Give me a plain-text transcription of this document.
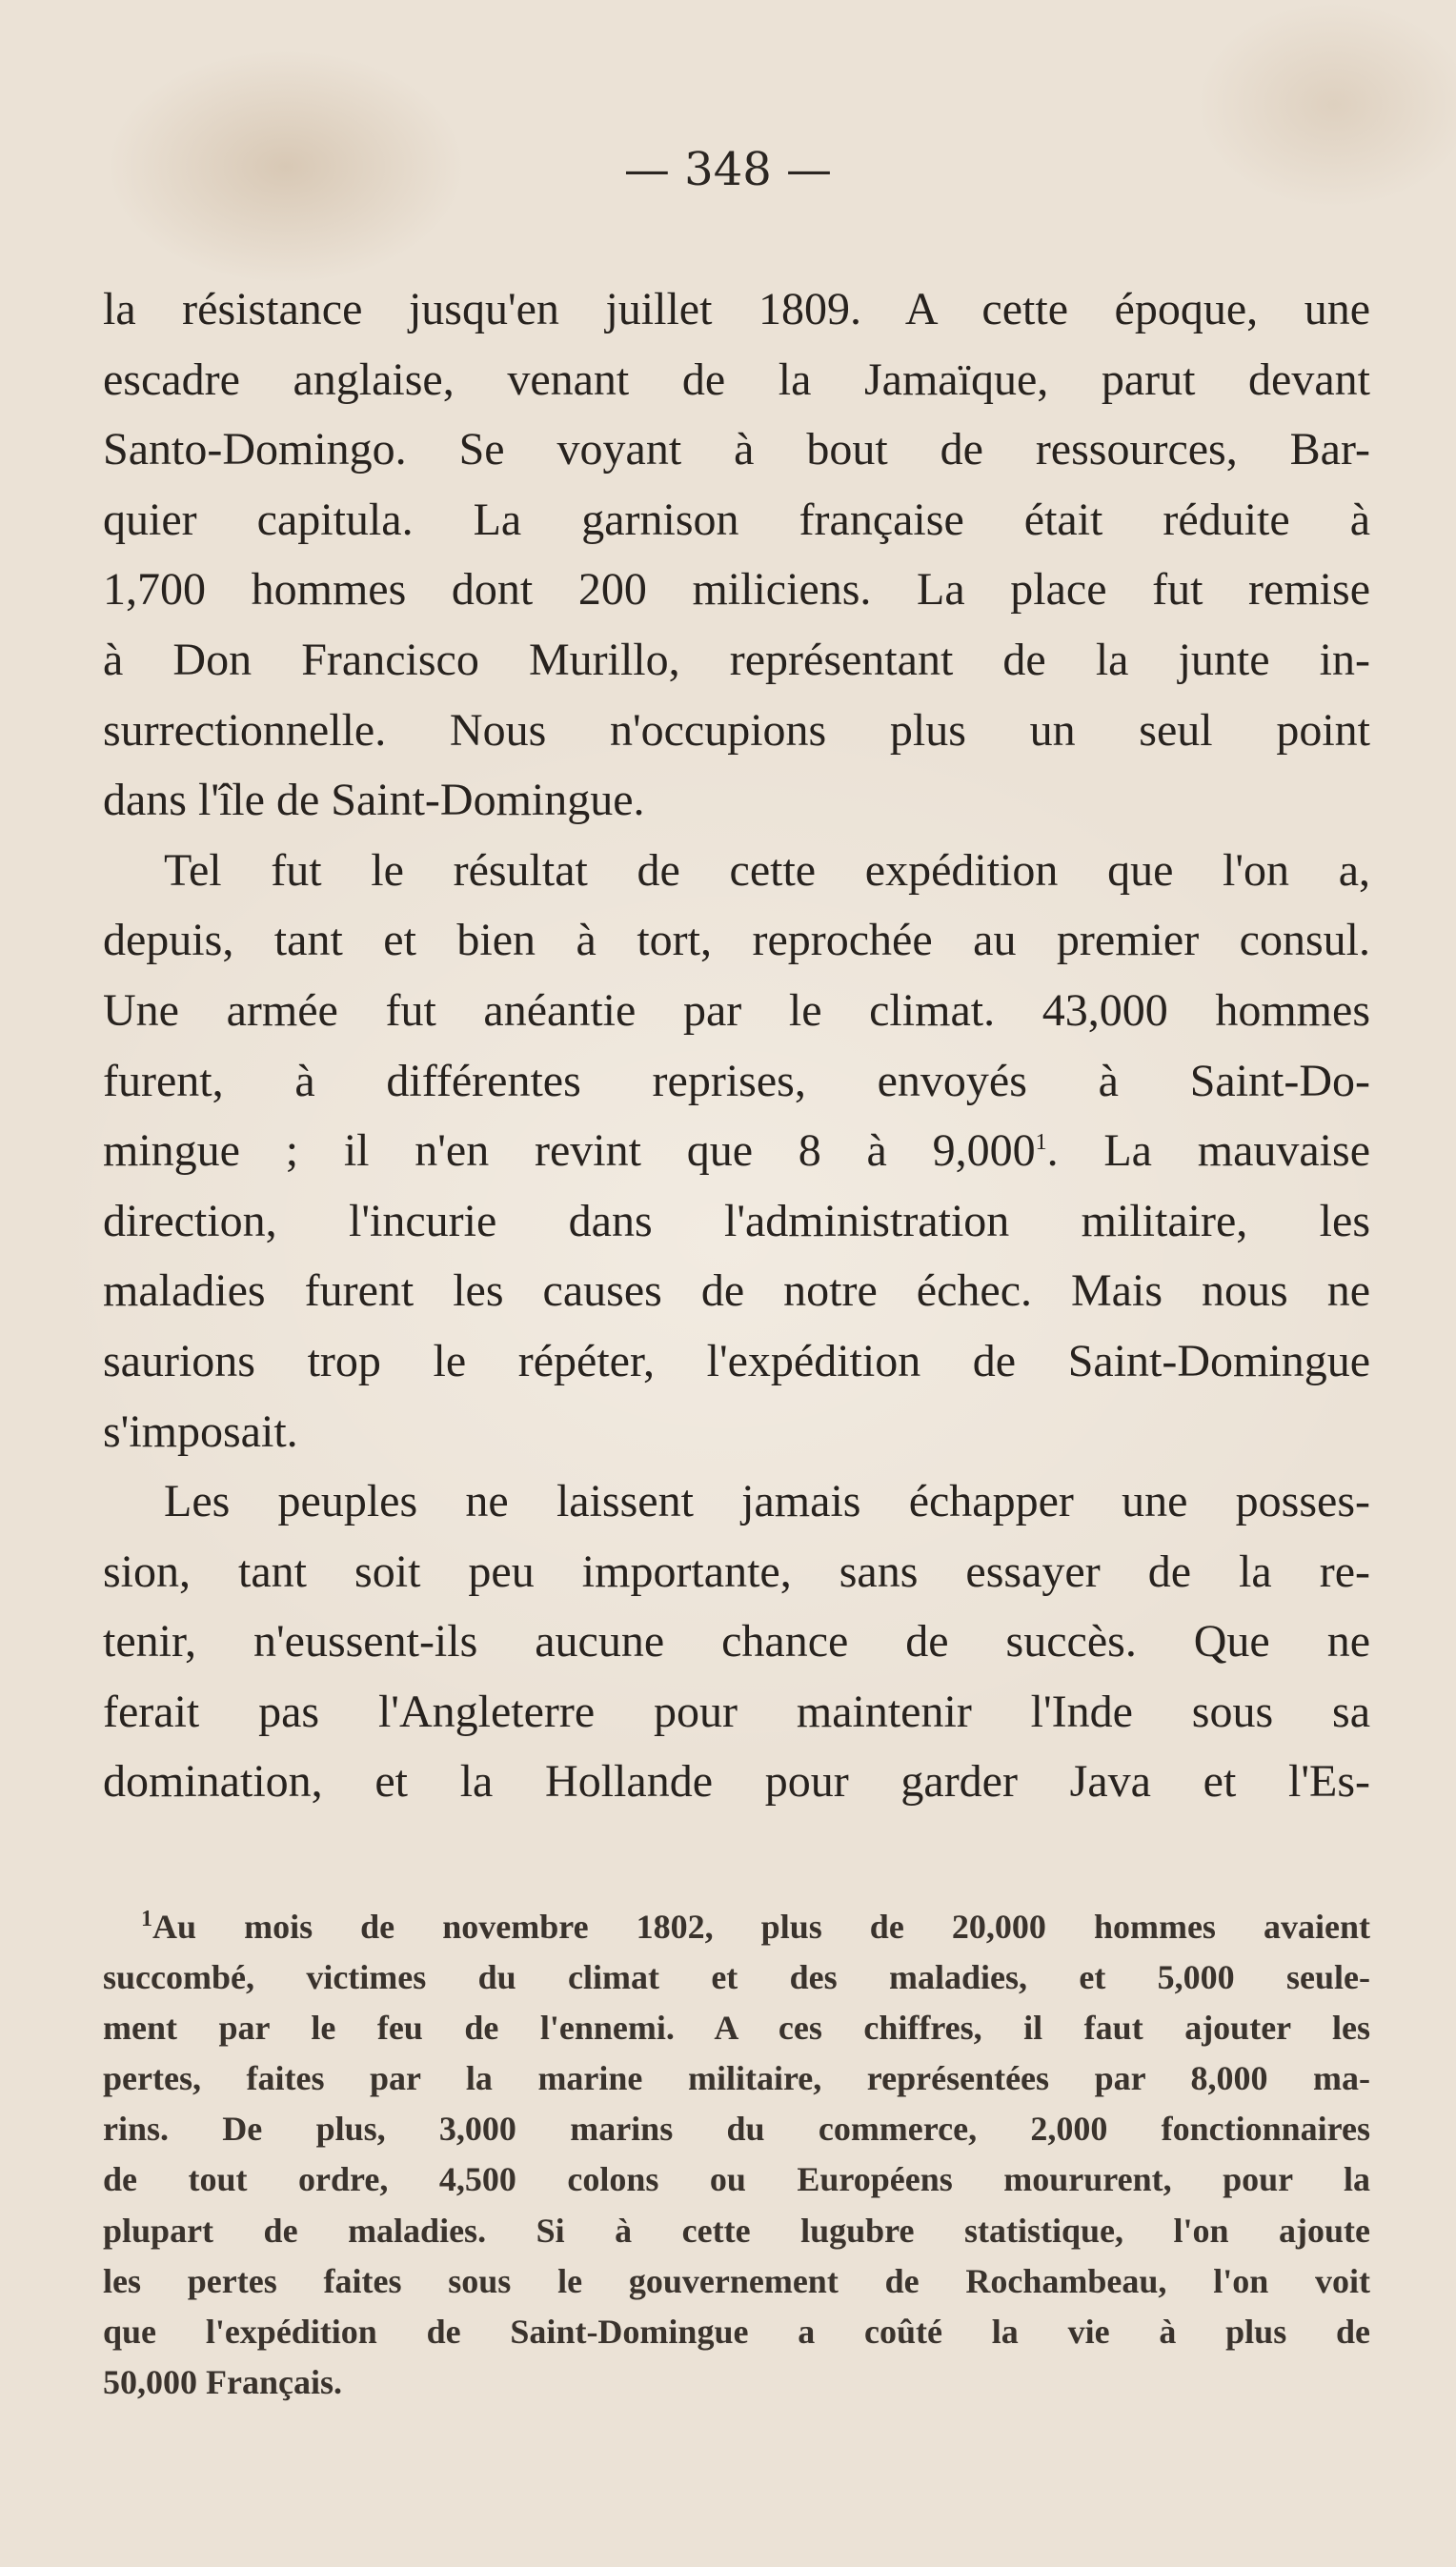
— 348 —
la résistance jusqu'en juillet 1809. A cette époque, une
escadre anglaise, venant de la Jamaïque, parut devant
Santo-Domingo. Se voyant à bout de ressources, Bar-
quier capitula. La garnison française était réduite à
1,700 hommes dont 200 miliciens. La place fut remise
à Don Francisco Murillo, représentant de la junte in-
surrectionnelle. Nous n'occupions plus un seul point
dans l'île de Saint-Domingue.
Tel fut le résultat de cette expédition que l'on a,
depuis, tant et bien à tort, reprochée au premier consul.
Une armée fut anéantie par le climat. 43,000 hommes
furent, à différentes reprises, envoyés à Saint-Do-
mingue ; il n'en revint que 8 à 9,000$^1$. La mauvaise
direction, l'incurie dans l'administration militaire, les
maladies furent les causes de notre échec. Mais nous ne
saurions trop le répéter, l'expédition de Saint-Domingue
s'imposait.
Les peuples ne laissent jamais échapper une posses-
sion, tant soit peu importante, sans essayer de la re-
tenir, n'eussent-ils aucune chance de succès. Que ne
ferait pas l'Angleterre pour maintenir l'Inde sous sa
domination, et la Hollande pour garder Java et l'Es-
$^1$Au mois de novembre 1802, plus de 20,000 hommes avaient
succombé, victimes du climat et des maladies, et 5,000 seule-
ment par le feu de l'ennemi. A ces chiffres, il faut ajouter les
pertes, faites par la marine militaire, représentées par 8,000 ma-
rins. De plus, 3,000 marins du commerce, 2,000 fonctionnaires
de tout ordre, 4,500 colons ou Européens moururent, pour la
plupart de maladies. Si à cette lugubre statistique, l'on ajoute
les pertes faites sous le gouvernement de Rochambeau, l'on voit
que l'expédition de Saint-Domingue a coûté la vie à plus de
50,000 Français.
